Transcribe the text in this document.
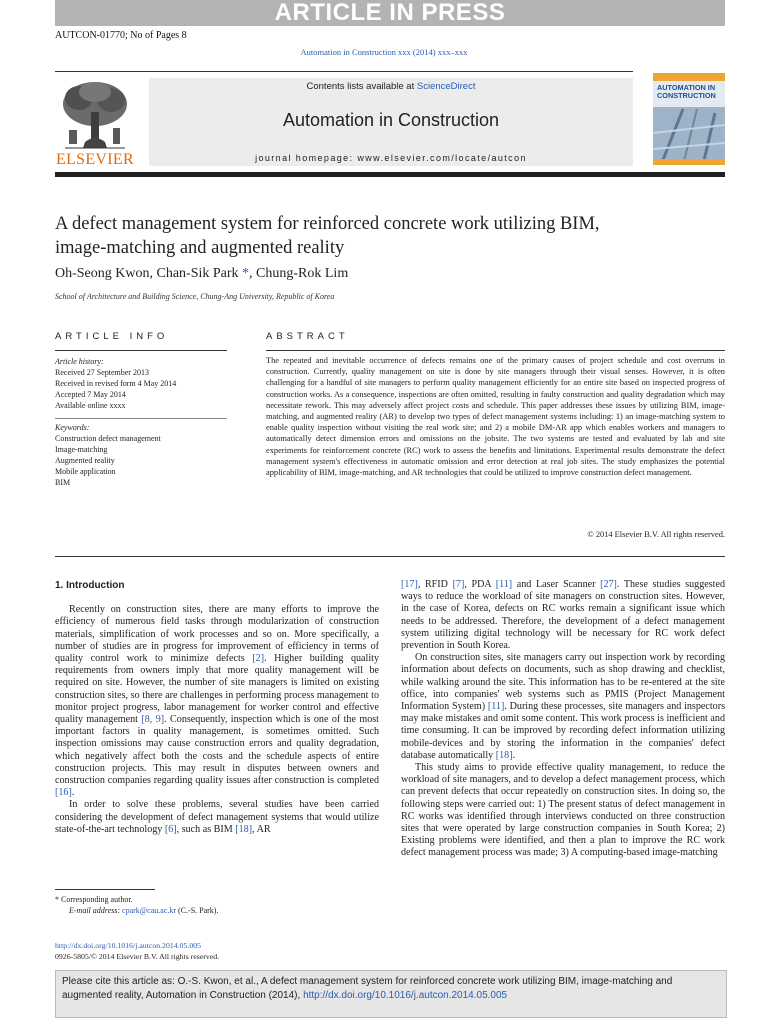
ARTICLE IN PRESS
AUTCON-01770; No of Pages 8
Automation in Construction xxx (2014) xxx–xxx
ELSEVIER
Contents lists available at ScienceDirect
Automation in Construction
journal homepage: www.elsevier.com/locate/autcon
AUTOMATION IN CONSTRUCTION
A defect management system for reinforced concrete work utilizing BIM,
image-matching and augmented reality
Oh-Seong Kwon, Chan-Sik Park *, Chung-Rok Lim
School of Architecture and Building Science, Chung-Ang University, Republic of Korea
ARTICLE INFO	ABSTRACT
Article history:
Received 27 September 2013
Received in revised form 4 May 2014
Accepted 7 May 2014
Available online xxxx
Keywords:
Construction defect management
Image-matching
Augmented reality
Mobile application
BIM
The repeated and inevitable occurrence of defects remains one of the primary causes of project schedule and cost overruns in construction. Currently, quality management on site is done by site managers through their visual senses. However, it is often challenging for a handful of site managers to perform quality management efficiently for an entire site based on inspected progress of construction works. As a consequence, inspections are often omitted, resulting in faulty construction and quality degradation which may necessitate rework. This may adversely affect project costs and schedule. This paper addresses these issues by utilizing BIM, image-matching, and augmented reality (AR) to develop two types of defect management systems including: 1) an image-matching system to enable quality inspection without visiting the real work site; and 2) a mobile DM-AR app which enables workers and managers to automatically detect dimension errors and omissions on the jobsite. The two systems are tested and evaluated by lab and site experiments for reinforcement concrete (RC) work to assess the benefits and limitations. Experimental results demonstrate the defect management system's effectiveness in automatic omission and error detection at real job sites. The study emphasizes the potential applicability of BIM, image-matching, and AR technologies that could be utilized to improve construction defect management.
© 2014 Elsevier B.V. All rights reserved.
1. Introduction

Recently on construction sites, there are many efforts to improve the efficiency of numerous field tasks through modularization of construction materials, simplification of work processes and so on. More specifically, a number of studies are in progress for improvement of efficiency in terms of quality control work to minimize defects [2]. Higher building quality requirements from owners imply that more quality management will be required on site. However, the number of site managers is limited on existing construction sites, so there are challenges in performing process management to monitor project progress, labor management for worker control and effective quality management [8, 9]. Consequently, inspection which is one of the most important factors in quality management, is sometimes omitted. Such inspection omissions may cause construction errors and quality degradation, which negatively affect both the costs and the schedule aspects of entire construction projects. This may result in disputes between owners and construction companies regarding quality issues after construction is completed [16].

In order to solve these problems, several studies have been carried considering the development of defect management systems that would utilize state-of-the-art technology [6], such as BIM [18], AR

[17], RFID [7], PDA [11] and Laser Scanner [27]. These studies suggested ways to reduce the workload of site managers on construction sites. However, in the case of Korea, defects on RC works remain a significant issue which needs to be addressed. Therefore, the development of a defect management system utilizing digital technology will be necessary for RC work defect prevention in South Korea.

On construction sites, site managers carry out inspection work by recording information about defects on documents, such as shop drawing and checklist, while walking around the site. This information has to be re-entered at the site office, into companies' web systems such as PMIS (Project Management Information System) [11]. During these processes, site managers and inspectors may make mistakes and omit some content. This work process is inefficient and time consuming. It can be improved by recording defect information utilizing mobile-devices and by storing the information in the companies' defect database automatically [18].

This study aims to provide effective quality management, to reduce the workload of site managers, and to develop a defect management process, which can prevent defects that occur repeatedly on construction sites. In doing so, the following steps were carried out: 1) The present status of defect management in RC works was identified through interviews conducted on three construction sites that were operated by large construction companies in South Korea; 2) Existing problems were identified, and then a plan to improve the RC work defect management process was made; 3) A computing-based image-matching

* Corresponding author.
E-mail address: cpark@cau.ac.kr (C.-S. Park).
http://dx.doi.org/10.1016/j.autcon.2014.05.005
0926-5805/© 2014 Elsevier B.V. All rights reserved.
Please cite this article as: O.-S. Kwon, et al., A defect management system for reinforced concrete work utilizing BIM, image-matching and augmented reality, Automation in Construction (2014), http://dx.doi.org/10.1016/j.autcon.2014.05.005
